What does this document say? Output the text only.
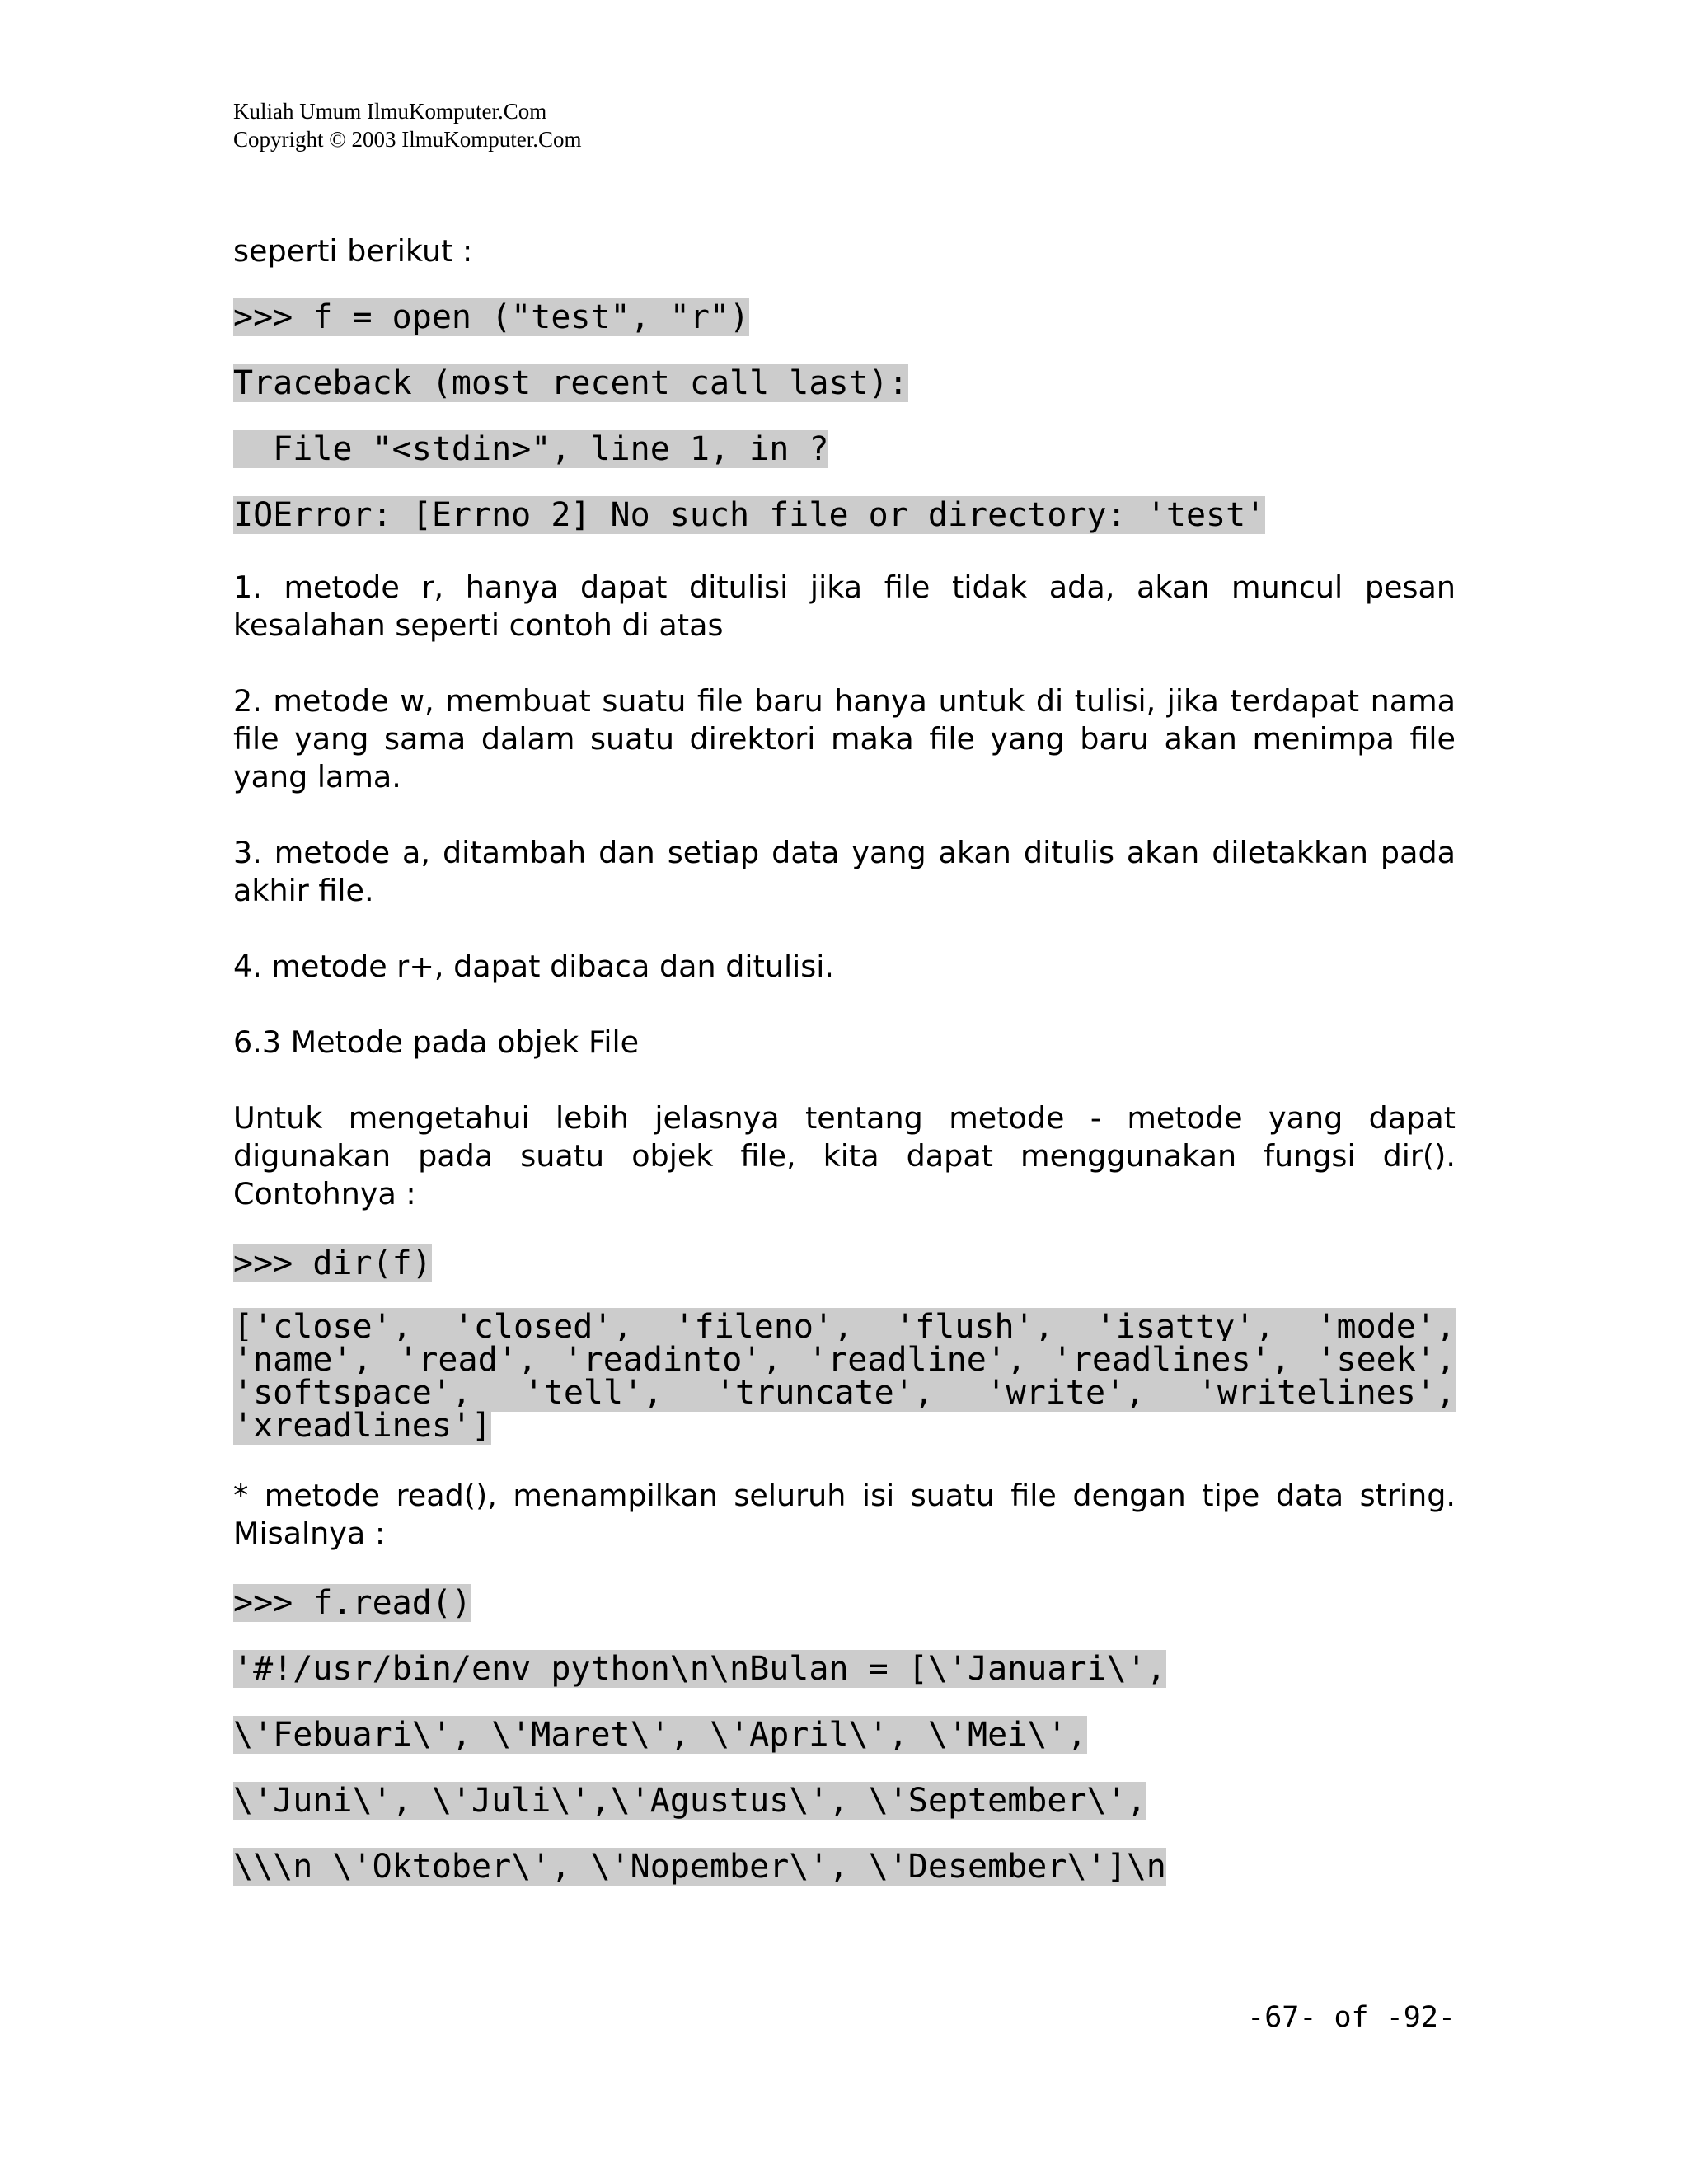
Kuliah Umum IlmuKomputer.Com
Copyright © 2003 IlmuKomputer.Com

seperti berikut :

>>> f = open ("test", "r")
Traceback (most recent call last):
File "<stdin>", line 1, in ?
IOError: [Errno 2] No such file or directory: 'test'

1. metode r, hanya dapat ditulisi jika file tidak ada, akan muncul pesan kesalahan seperti contoh di atas

2. metode w, membuat suatu file baru hanya untuk di tulisi, jika terdapat nama file yang sama dalam suatu direktori maka file yang baru akan menimpa file yang lama.

3. metode a, ditambah dan setiap data yang akan ditulis akan diletakkan pada akhir file.

4. metode r+, dapat dibaca dan ditulisi.

6.3 Metode pada objek File

Untuk mengetahui lebih jelasnya tentang metode - metode yang dapat digunakan pada suatu objek file, kita dapat menggunakan fungsi dir(). Contohnya :

>>> dir(f)

['close', 'closed', 'fileno', 'flush', 'isatty', 'mode', 'name', 'read', 'readinto', 'readline', 'readlines', 'seek', 'softspace', 'tell', 'truncate', 'write', 'writelines', 'xreadlines']

* metode read(), menampilkan seluruh isi suatu file dengan tipe data string. Misalnya :

>>> f.read()
'#!/usr/bin/env python\n\nBulan = [\'Januari\',
\'Febuari\', \'Maret\', \'April\', \'Mei\',
\'Juni\', \'Juli\',\'Agustus\', \'September\',
\\\n \'Oktober\', \'Nopember\', \'Desember\']\n
-67- of -92-
